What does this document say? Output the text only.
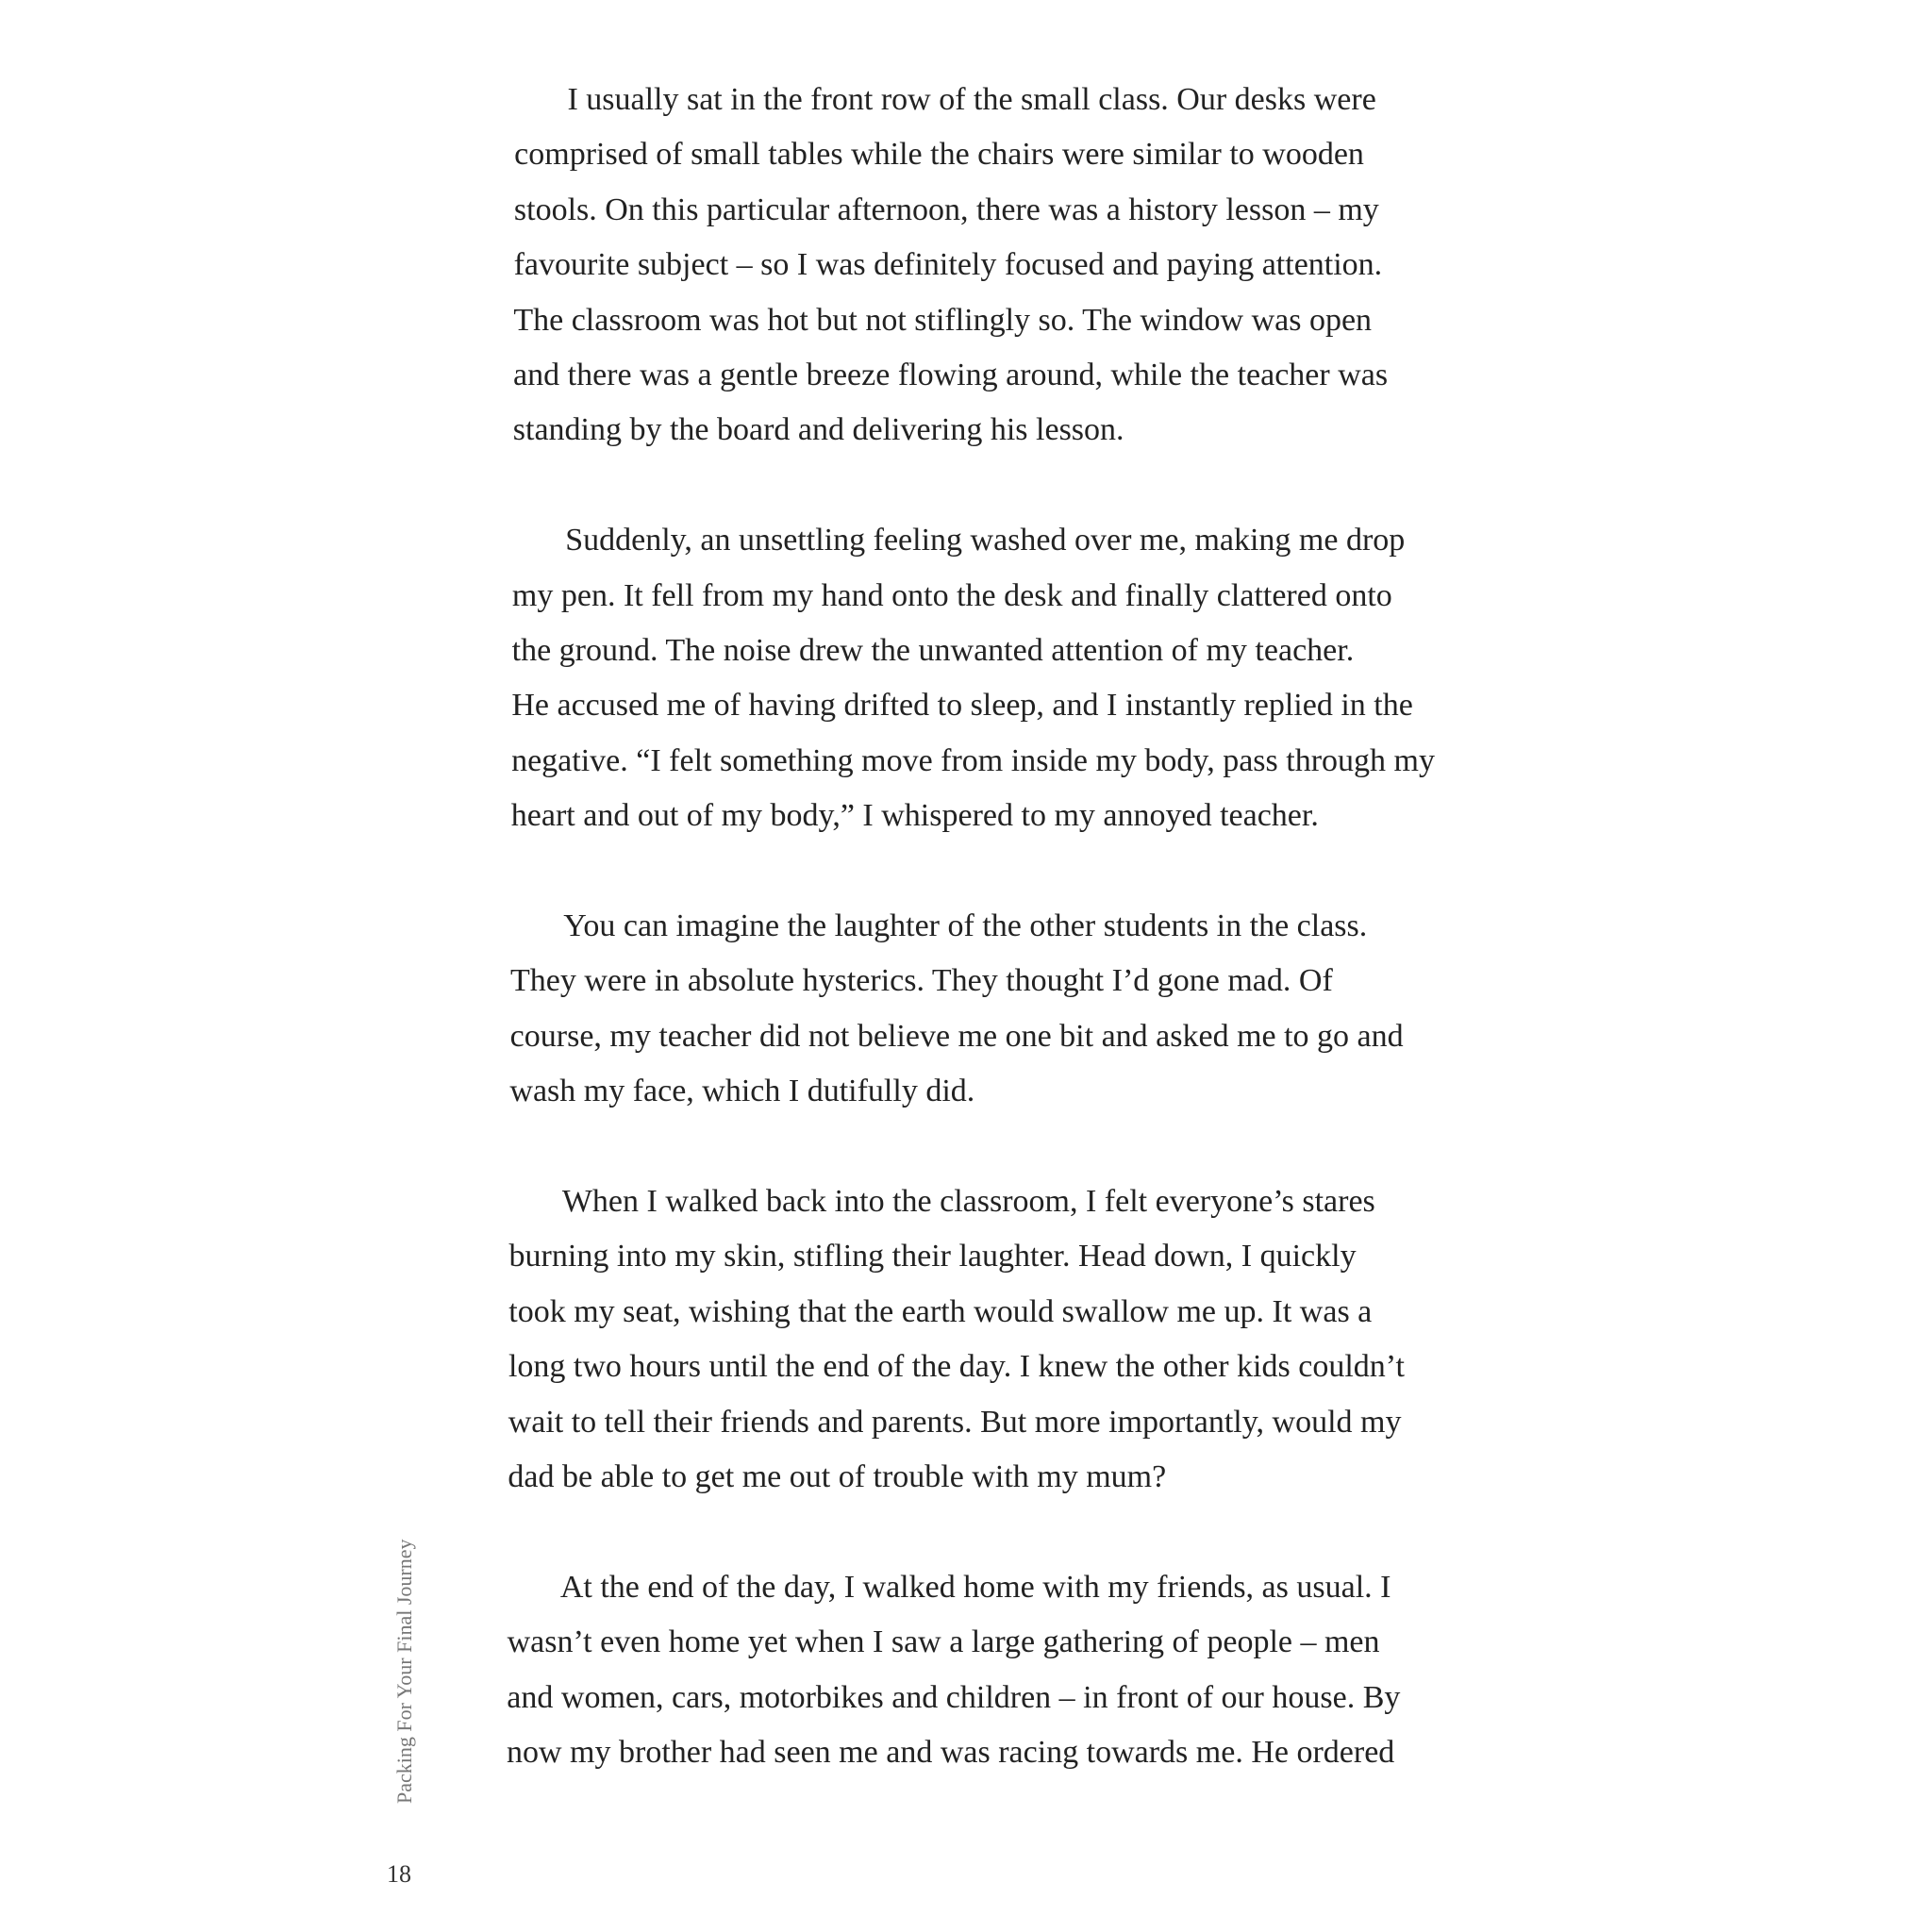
I usually sat in the front row of the small class. Our desks were
comprised of small tables while the chairs were similar to wooden
stools. On this particular afternoon, there was a history lesson – my
favourite subject – so I was definitely focused and paying attention.
The classroom was hot but not stiflingly so. The window was open
and there was a gentle breeze flowing around, while the teacher was
standing by the board and delivering his lesson.
Suddenly, an unsettling feeling washed over me, making me drop
my pen. It fell from my hand onto the desk and finally clattered onto
the ground. The noise drew the unwanted attention of my teacher.
He accused me of having drifted to sleep, and I instantly replied in the
negative. “I felt something move from inside my body, pass through my
heart and out of my body,” I whispered to my annoyed teacher.
You can imagine the laughter of the other students in the class.
They were in absolute hysterics. They thought I’d gone mad. Of
course, my teacher did not believe me one bit and asked me to go and
wash my face, which I dutifully did.
When I walked back into the classroom, I felt everyone’s stares
burning into my skin, stifling their laughter. Head down, I quickly
took my seat, wishing that the earth would swallow me up. It was a
long two hours until the end of the day. I knew the other kids couldn’t
wait to tell their friends and parents. But more importantly, would my
dad be able to get me out of trouble with my mum?
At the end of the day, I walked home with my friends, as usual. I
wasn’t even home yet when I saw a large gathering of people – men
and women, cars, motorbikes and children – in front of our house. By
now my brother had seen me and was racing towards me. He ordered
Packing For Your Final Journey
18
